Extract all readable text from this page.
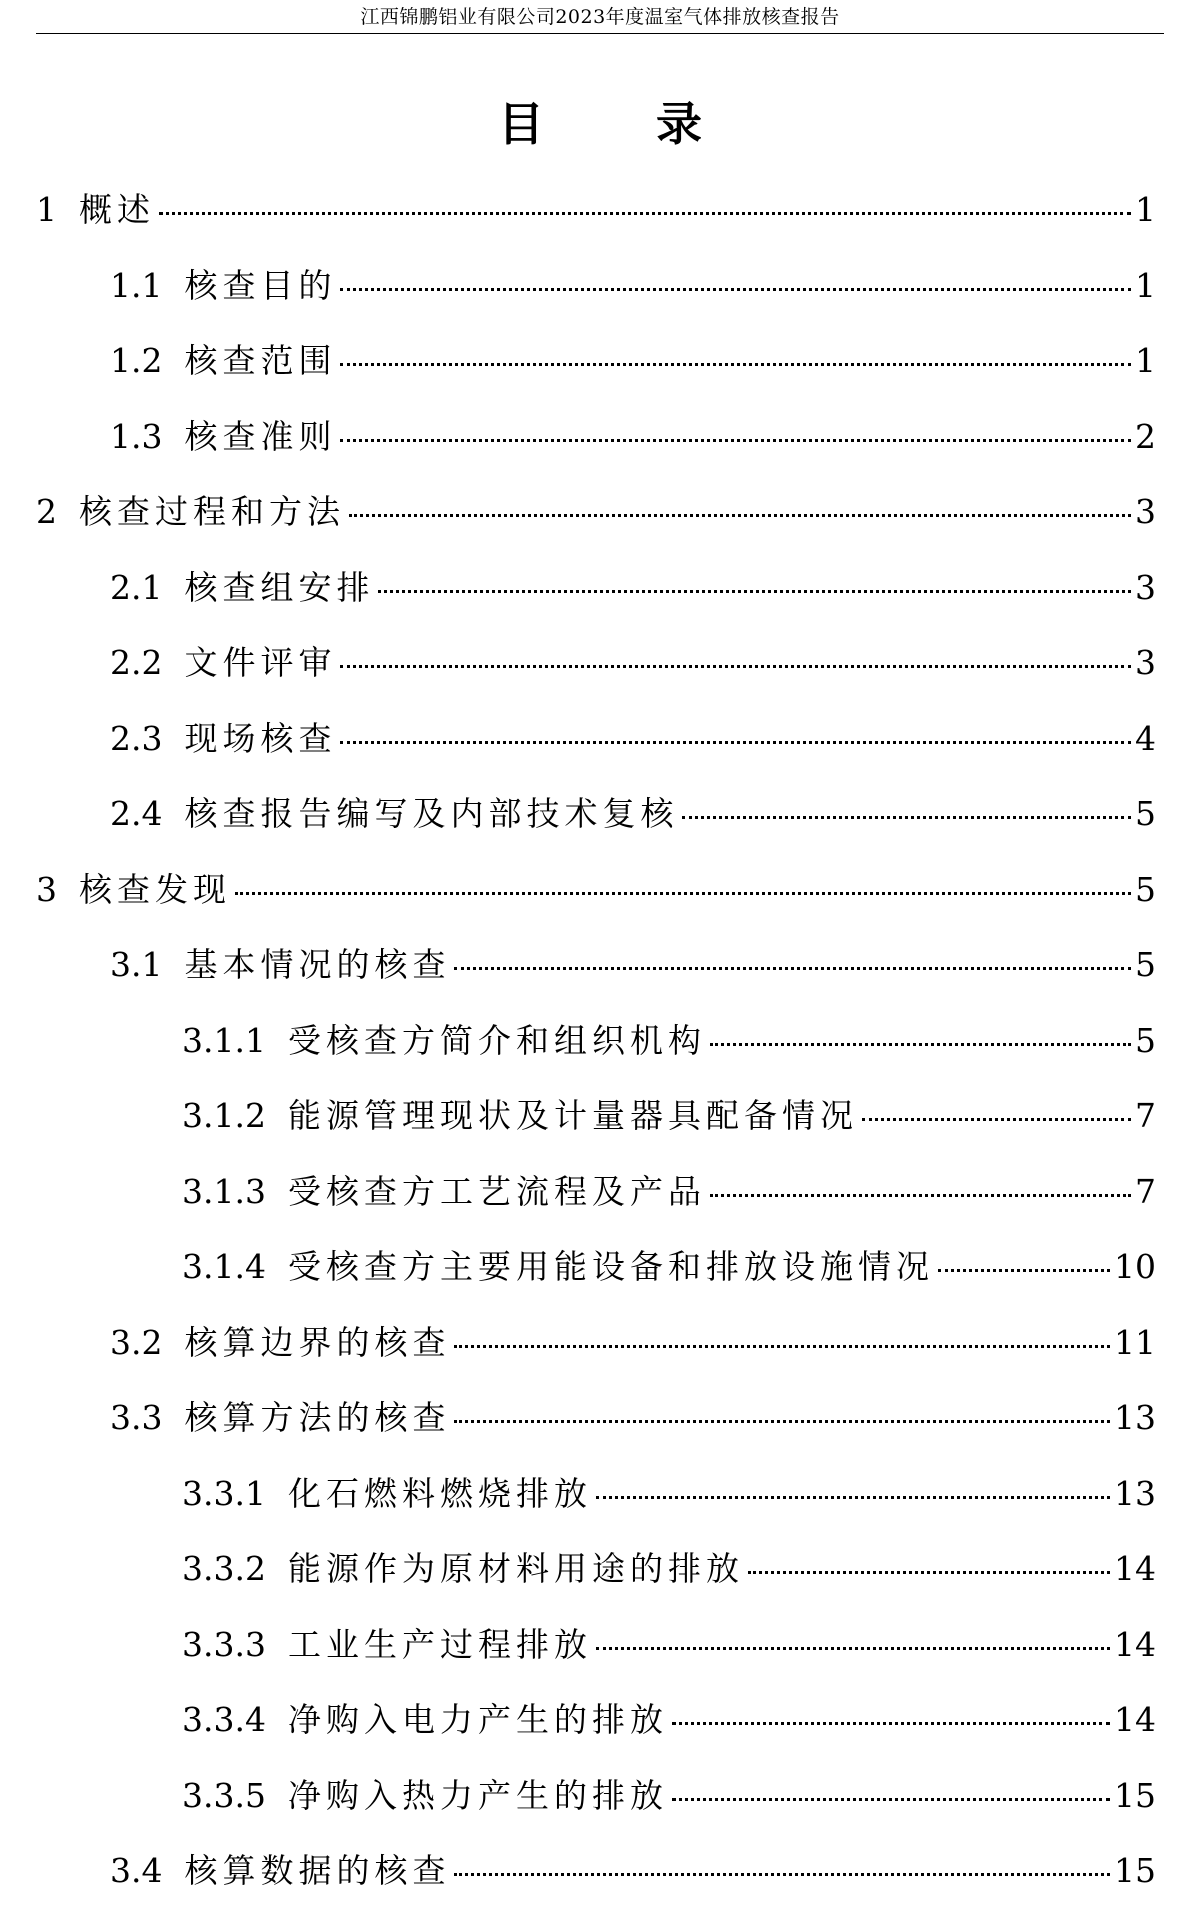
江西锦鹏铝业有限公司2023年度温室气体排放核查报告
目 录
1 概述	1
1.1 核查目的	1
1.2 核查范围	1
1.3 核查准则	2
2 核查过程和方法	3
2.1 核查组安排	3
2.2 文件评审	3
2.3 现场核查	4
2.4 核查报告编写及内部技术复核	5
3 核查发现	5
3.1 基本情况的核查	5
3.1.1 受核查方简介和组织机构	5
3.1.2 能源管理现状及计量器具配备情况	7
3.1.3 受核查方工艺流程及产品	7
3.1.4 受核查方主要用能设备和排放设施情况	10
3.2 核算边界的核查	11
3.3 核算方法的核查	13
3.3.1 化石燃料燃烧排放	13
3.3.2 能源作为原材料用途的排放	14
3.3.3 工业生产过程排放	14
3.3.4 净购入电力产生的排放	14
3.3.5 净购入热力产生的排放	15
3.4 核算数据的核查	15
